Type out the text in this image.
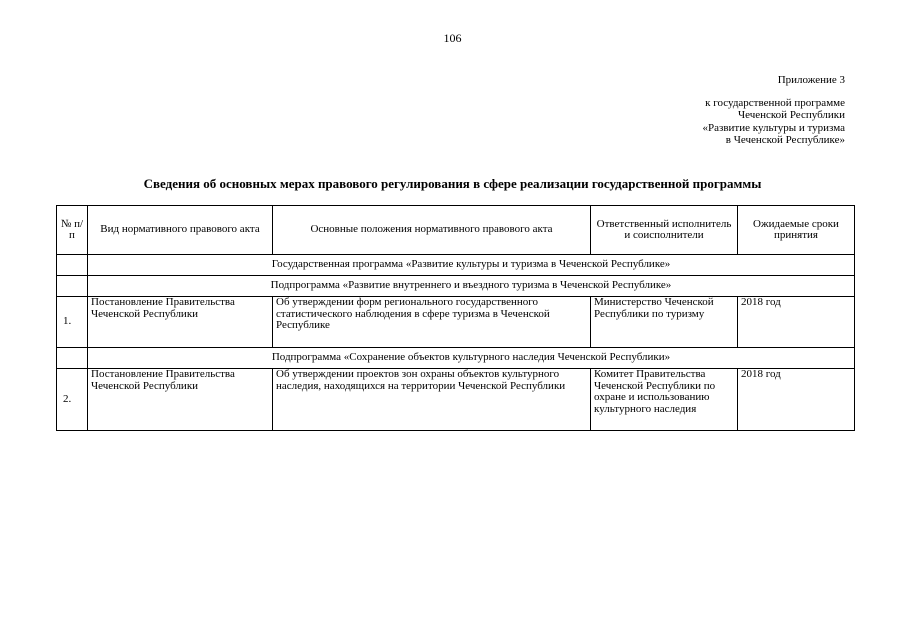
106
Приложение 3
к государственной программе
Чеченской Республики
«Развитие культуры и туризма
в Чеченской Республике»
Сведения об основных мерах правового регулирования в сфере реализации государственной программы
№ п/п	Вид нормативного правового акта	Основные положения нормативного правового акта	Ответственный исполнитель и соисполнители	Ожидаемые сроки принятия
	Государственная программа «Развитие культуры и туризма в Чеченской Республике»			
	Подпрограмма «Развитие внутреннего и въездного туризма в Чеченской Республике»			
1.	Постановление Правительства Чеченской Республики	Об утверждении форм регионального государственного статистического наблюдения в сфере туризма в Чеченской Республике	Министерство Чеченской Республики по туризму	2018 год
	Подпрограмма «Сохранение объектов культурного наследия Чеченской Республики»			
2.	Постановление Правительства Чеченской Республики	Об утверждении проектов зон охраны объектов культурного наследия, находящихся на территории Чеченской Республики	Комитет Правительства Чеченской Республики по охране и использованию культурного наследия	2018 год
